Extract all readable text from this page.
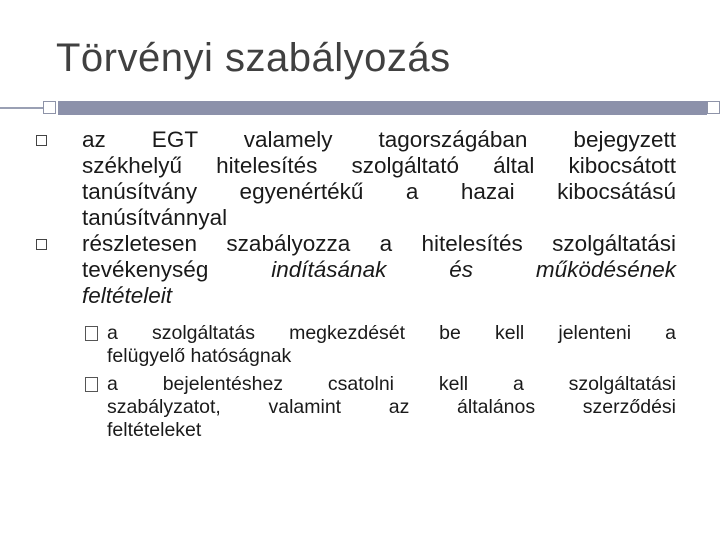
Törvényi szabályozás
az EGT valamely tagországában bejegyzett
székhelyű hitelesítés szolgáltató által kibocsátott
tanúsítvány egyenértékű a hazai kibocsátású
tanúsítvánnyal
részletesen szabályozza a hitelesítés szolgáltatási
tevékenység indításának és működésének
feltételeit
a szolgáltatás megkezdését be kell jelenteni a
felügyelő hatóságnak
a bejelentéshez csatolni kell a szolgáltatási
szabályzatot, valamint az általános szerződési
feltételeket
